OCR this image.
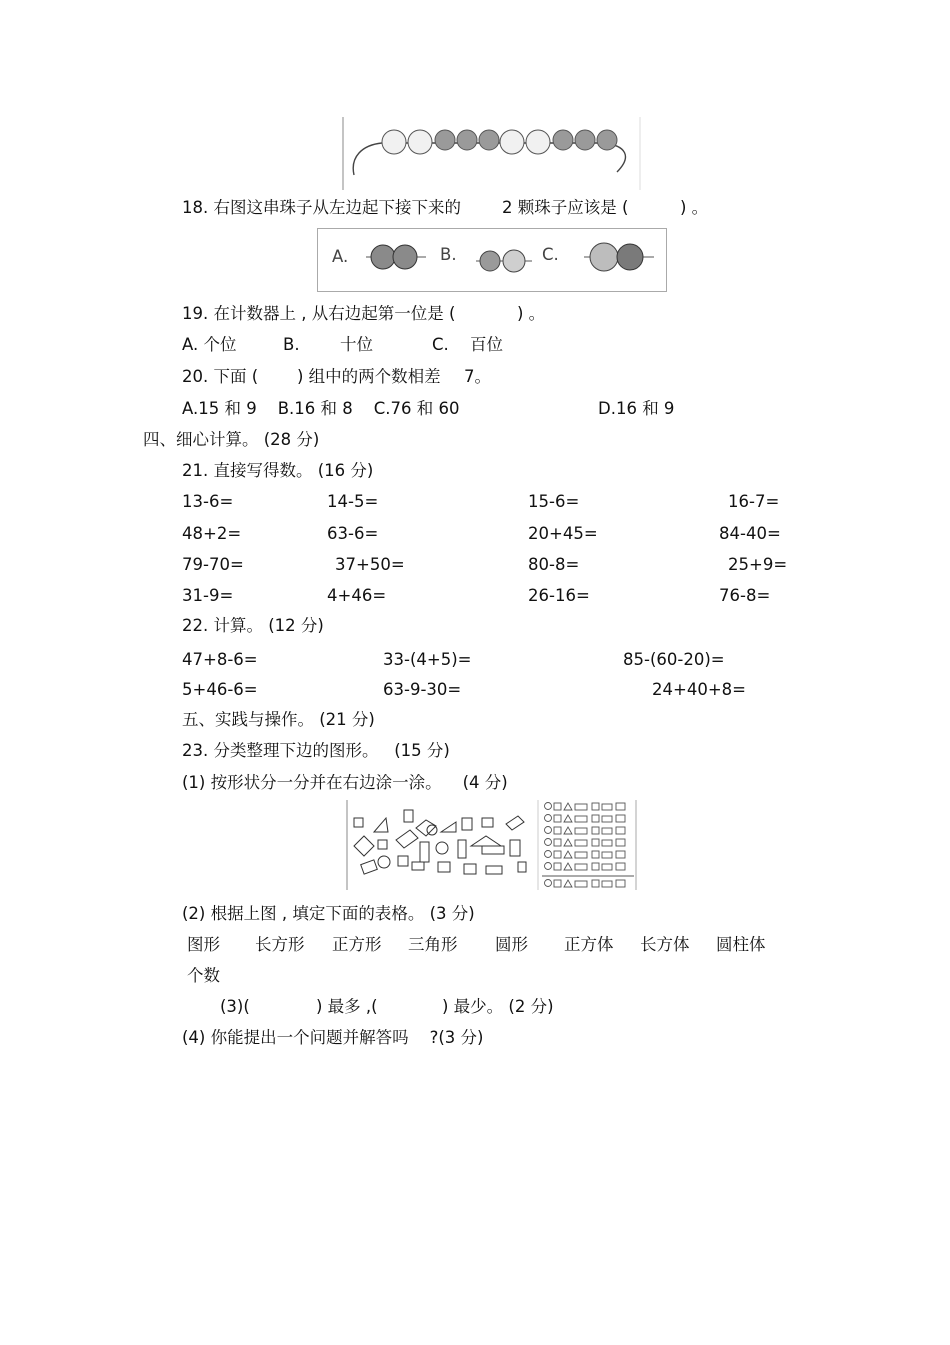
18. 右图这串珠子从左边起下接下来的 2 颗珠子应该是 (	) 。
A.	B.	C.
19. 在计数器上 , 从右边起第一位是 (	) 。
A. 个位	B. 十位	C. 百位
20. 下面 ( ) 组中的两个数相差 7。
A.15 和 9    B.16 和 8    C.76 和 60	D.16 和 9
四、细心计算。 (28 分)
21. 直接写得数。 (16 分)
13-6=	14-5=	15-6=	16-7=
48+2=	63-6=	20+45=	84-40=
79-70=	37+50=	80-8=	25+9=
31-9=	4+46=	26-16=	76-8=
22. 计算。 (12 分)
47+8-6=	33-(4+5)=	85-(60-20)=
5+46-6=	63-9-30=	24+40+8=
五、实践与操作。 (21 分)
23. 分类整理下边的图形。   (15 分)
(1) 按形状分一分并在右边涂一涂。    (4 分)
(2) 根据上图 , 填定下面的表格。 (3 分)
图形 长方形 正方形 三角形 圆形 正方体 长方体 圆柱体
个数
(3)(	) 最多 ,(	) 最少。 (2 分)
(4) 你能提出一个问题并解答吗    ?(3 分)
